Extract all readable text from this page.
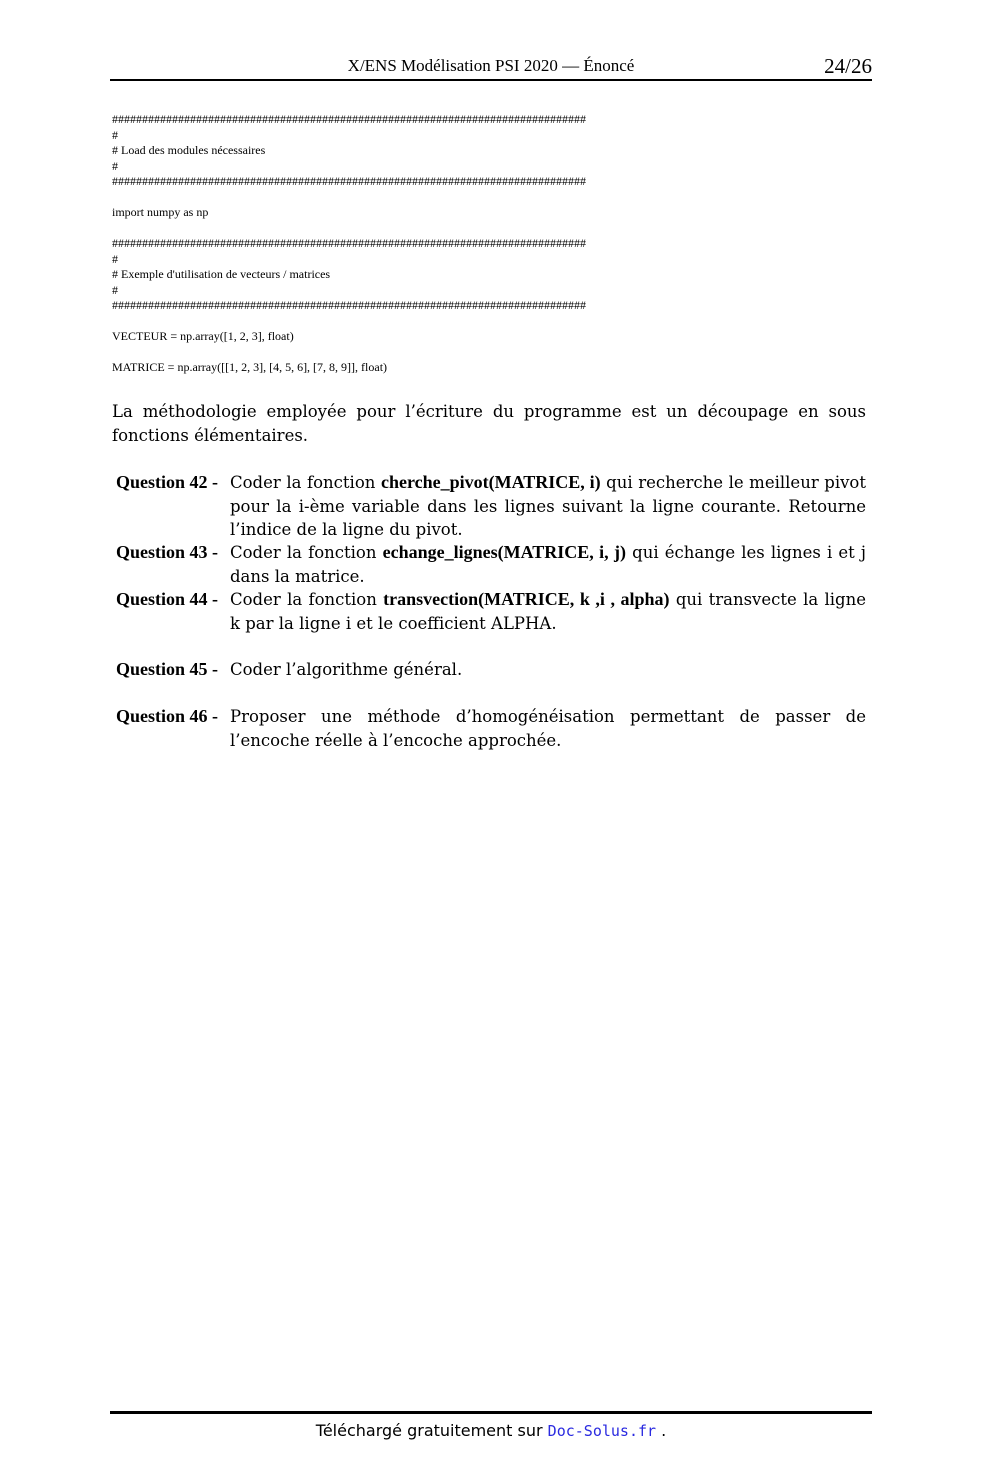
X/ENS Modélisation PSI 2020 — Énoncé	24/26
###############################################################################
#
# Load des modules nécessaires
#
###############################################################################
import numpy as np
###############################################################################
#
# Exemple d'utilisation de vecteurs / matrices
#
###############################################################################
VECTEUR = np.array([1, 2, 3], float)
MATRICE = np.array([[1, 2, 3], [4, 5, 6], [7, 8, 9]], float)
La méthodologie employée pour l’écriture du programme est un découpage en sous fonctions élémentaires.
Question 42 - Coder la fonction cherche_pivot(MATRICE, i) qui recherche le meilleur pivot pour la i-ème variable dans les lignes suivant la ligne courante. Retourne l’indice de la ligne du pivot.
Question 43 - Coder la fonction echange_lignes(MATRICE, i, j) qui échange les lignes i et j dans la matrice.
Question 44 - Coder la fonction transvection(MATRICE, k ,i , alpha) qui transvecte la ligne k par la ligne i et le coefficient ALPHA.
Question 45 - Coder l’algorithme général.
Question 46 - Proposer une méthode d’homogénéisation permettant de passer de l’encoche réelle à l’encoche approchée.
Téléchargé gratuitement sur Doc-Solus.fr .
